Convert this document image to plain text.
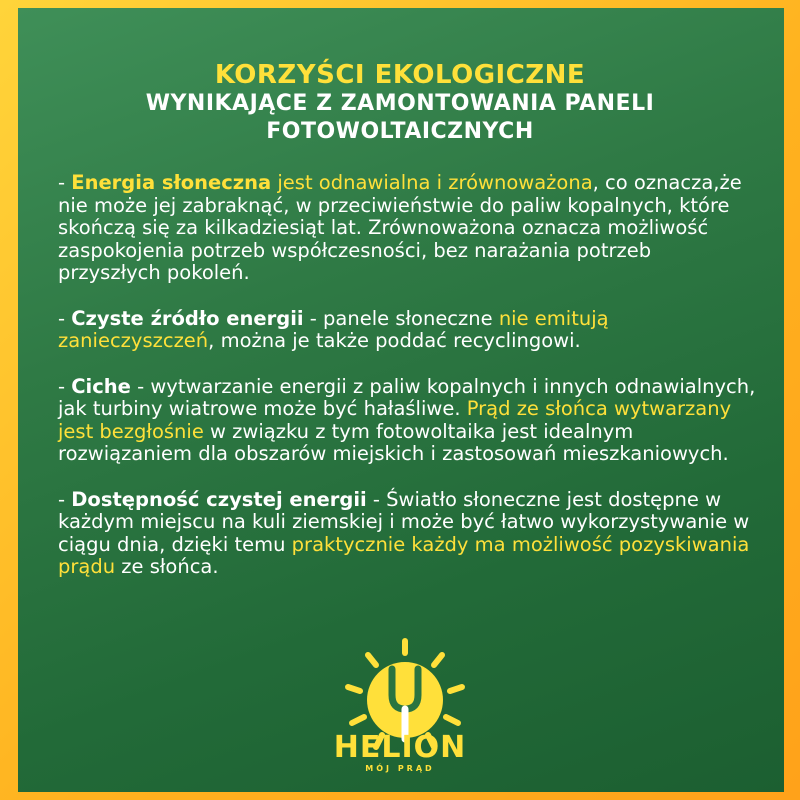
KORZYŚCI EKOLOGICZNE
WYNIKAJĄCE Z ZAMONTOWANIA PANELI
FOTOWOLTAICZNYCH

- Energia słoneczna jest odnawialna i zrównoważona, co oznacza,że nie może jej zabraknąć, w przeciwieństwie do paliw kopalnych, które skończą się za kilkadziesiąt lat. Zrównoważona oznacza możliwość zaspokojenia potrzeb współczesności, bez narażania potrzeb przyszłych pokoleń.

- Czyste źródło energii - panele słoneczne nie emitują zanieczyszczeń, można je także poddać recyclingowi.

- Ciche - wytwarzanie energii z paliw kopalnych i innych odnawialnych, jak turbiny wiatrowe może być hałaśliwe. Prąd ze słońca wytwarzany jest bezgłośnie w związku z tym fotowoltaika jest idealnym rozwiązaniem dla obszarów miejskich i zastosowań mieszkaniowych.

- Dostępność czystej energii - Światło słoneczne jest dostępne w każdym miejscu na kuli ziemskiej i może być łatwo wykorzystywanie w ciągu dnia, dzięki temu praktycznie każdy ma możliwość pozyskiwania prądu ze słońca.

HELION
MÓJ PRĄD
